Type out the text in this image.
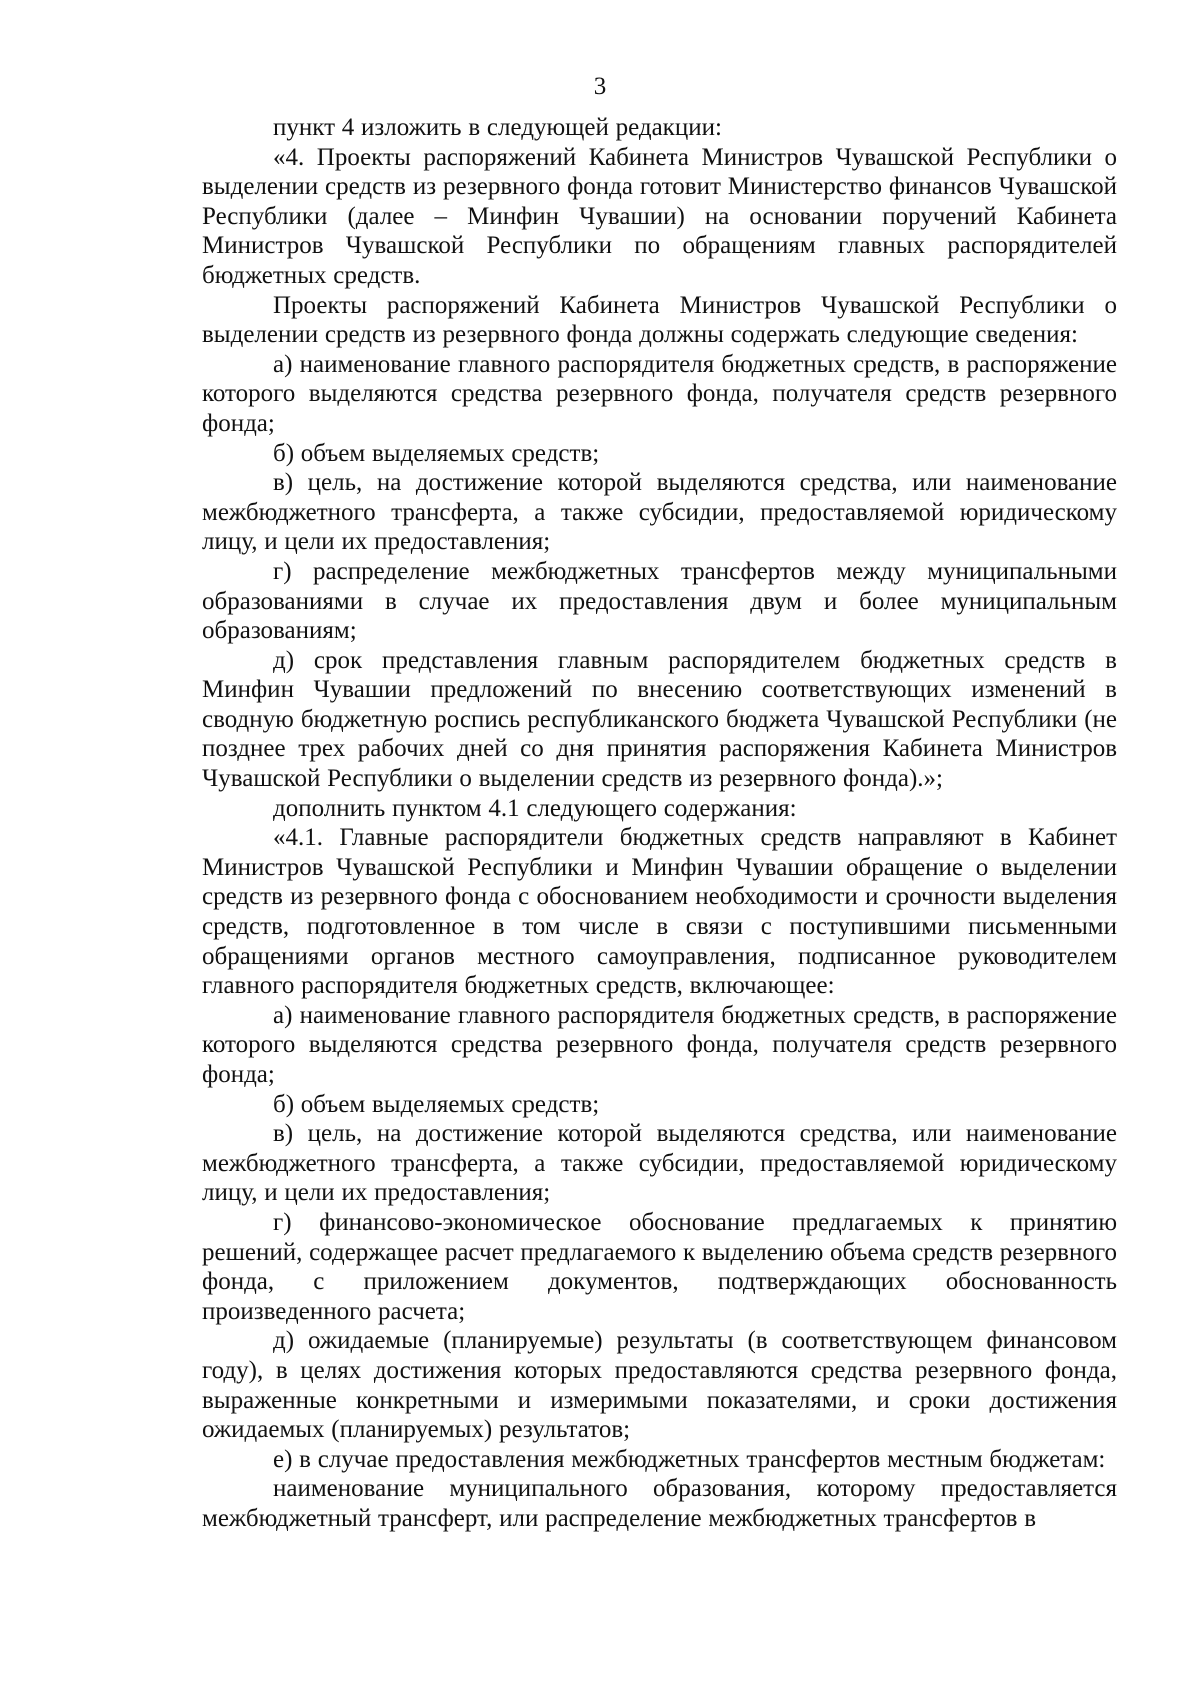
3

пункт 4 изложить в следующей редакции:

«4. Проекты распоряжений Кабинета Министров Чувашской Республики о выделении средств из резервного фонда готовит Министерство финансов Чувашской Республики (далее – Минфин Чувашии) на основании поручений Кабинета Министров Чувашской Республики по обращениям главных распорядителей бюджетных средств.

Проекты распоряжений Кабинета Министров Чувашской Республики о выделении средств из резервного фонда должны содержать следующие сведения:

а) наименование главного распорядителя бюджетных средств, в распоряжение которого выделяются средства резервного фонда, получателя средств резервного фонда;

б) объем выделяемых средств;

в) цель, на достижение которой выделяются средства, или наименование межбюджетного трансферта, а также субсидии, предоставляемой юридическому лицу, и цели их предоставления;

г) распределение межбюджетных трансфертов между муниципальными образованиями в случае их предоставления двум и более муниципальным образованиям;

д) срок представления главным распорядителем бюджетных средств в Минфин Чувашии предложений по внесению соответствующих изменений в сводную бюджетную роспись республиканского бюджета Чувашской Республики (не позднее трех рабочих дней со дня принятия распоряжения Кабинета Министров Чувашской Республики о выделении средств из резервного фонда).»;

дополнить пунктом 4.1 следующего содержания:

«4.1. Главные распорядители бюджетных средств направляют в Кабинет Министров Чувашской Республики и Минфин Чувашии обращение о выделении средств из резервного фонда с обоснованием необходимости и срочности выделения средств, подготовленное в том числе в связи с поступившими письменными обращениями органов местного самоуправления, подписанное руководителем главного распорядителя бюджетных средств, включающее:

а) наименование главного распорядителя бюджетных средств, в распоряжение которого выделяются средства резервного фонда, получателя средств резервного фонда;

б) объем выделяемых средств;

в) цель, на достижение которой выделяются средства, или наименование межбюджетного трансферта, а также субсидии, предоставляемой юридическому лицу, и цели их предоставления;

г) финансово-экономическое обоснование предлагаемых к принятию решений, содержащее расчет предлагаемого к выделению объема средств резервного фонда, с приложением документов, подтверждающих обоснованность произведенного расчета;

д) ожидаемые (планируемые) результаты (в соответствующем финансовом году), в целях достижения которых предоставляются средства резервного фонда, выраженные конкретными и измеримыми показателями, и сроки достижения ожидаемых (планируемых) результатов;

е) в случае предоставления межбюджетных трансфертов местным бюджетам:

наименование муниципального образования, которому предоставляется межбюджетный трансферт, или распределение межбюджетных трансфертов в
